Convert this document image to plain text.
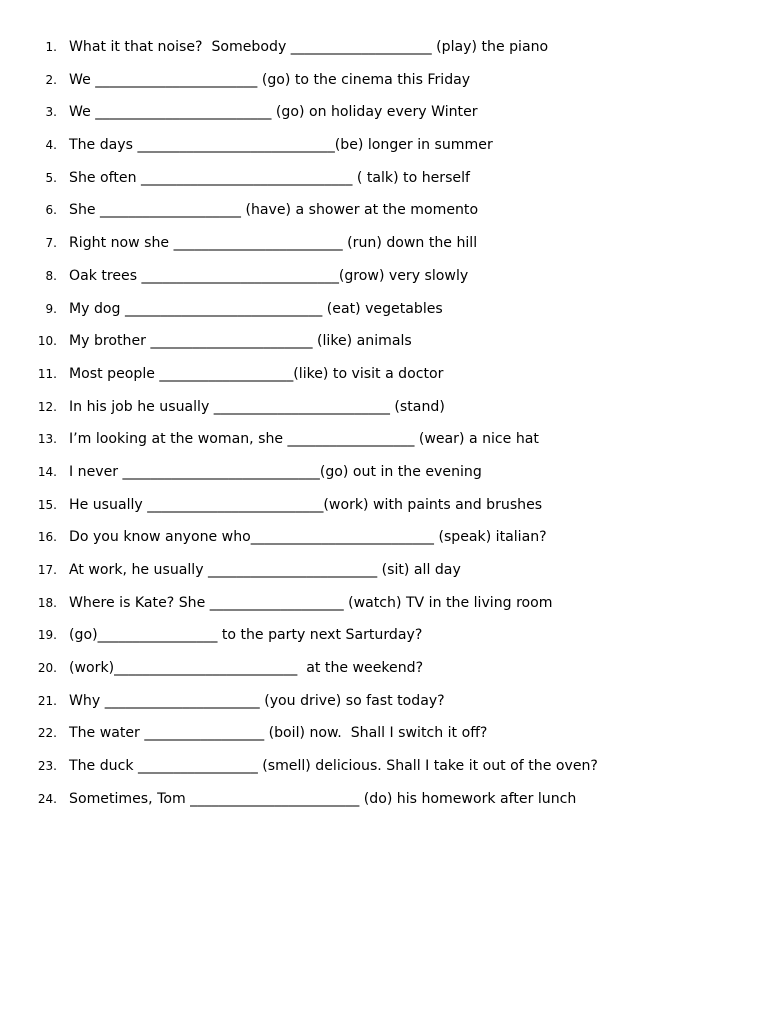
1. What it that noise?  Somebody ____________________ (play) the piano
2. We _______________________ (go) to the cinema this Friday
3. We _________________________ (go) on holiday every Winter
4. The days ____________________________(be) longer in summer
5. She often ______________________________ ( talk) to herself
6. She ____________________ (have) a shower at the momento
7. Right now she ________________________ (run) down the hill
8. Oak trees ____________________________(grow) very slowly
9. My dog ____________________________ (eat) vegetables
10. My brother _______________________ (like) animals
11. Most people ___________________(like) to visit a doctor
12. In his job he usually _________________________ (stand)
13. I’m looking at the woman, she __________________ (wear) a nice hat
14. I never ____________________________(go) out in the evening
15. He usually _________________________(work) with paints and brushes
16. Do you know anyone who__________________________ (speak) italian?
17. At work, he usually ________________________ (sit) all day
18. Where is Kate? She ___________________ (watch) TV in the living room
19. (go)_________________ to the party next Sarturday?
20. (work)__________________________  at the weekend?
21. Why ______________________ (you drive) so fast today?
22. The water _________________ (boil) now.  Shall I switch it off?
23. The duck _________________ (smell) delicious. Shall I take it out of the oven?
24. Sometimes, Tom ________________________ (do) his homework after lunch
